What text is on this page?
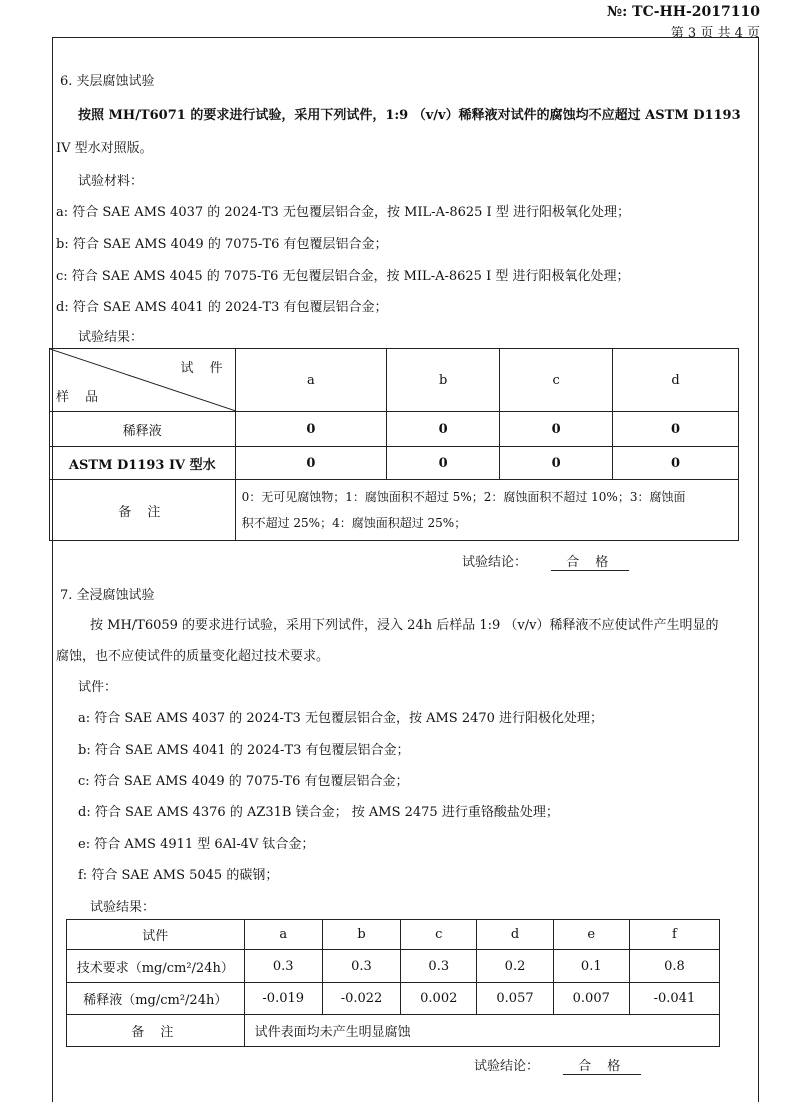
№: TC-HH-2017110
第 3 页 共 4 页
6. 夹层腐蚀试验
按照 MH/T6071 的要求进行试验，采用下列试件，1:9 （v/v）稀释液对试件的腐蚀均不应超过 ASTM D1193
IV 型水对照版。
试验材料：
a: 符合 SAE AMS 4037 的 2024-T3 无包覆层铝合金，按 MIL-A-8625 I 型 进行阳极氧化处理；
b: 符合 SAE AMS 4049 的 7075-T6 有包覆层铝合金；
c: 符合 SAE AMS 4045 的 7075-T6 无包覆层铝合金，按 MIL-A-8625 I 型 进行阳极氧化处理；
d: 符合 SAE AMS 4041 的 2024-T3 有包覆层铝合金；
试验结果：
试 件
样 品	a	b	c	d
稀释液	0	0	0	0
ASTM D1193 IV 型水	0	0	0	0
备 注	0：无可见腐蚀物；1：腐蚀面积不超过 5%；2：腐蚀面积不超过 10%；3：腐蚀面
积不超过 25%；4：腐蚀面积超过 25%；			
试验结论：	合 格
7. 全浸腐蚀试验
按 MH/T6059 的要求进行试验，采用下列试件，浸入 24h 后样品 1:9 （v/v）稀释液不应使试件产生明显的
腐蚀，也不应使试件的质量变化超过技术要求。
试件：
a: 符合 SAE AMS 4037 的 2024-T3 无包覆层铝合金，按 AMS 2470 进行阳极化处理；
b: 符合 SAE AMS 4041 的 2024-T3 有包覆层铝合金；
c: 符合 SAE AMS 4049 的 7075-T6 有包覆层铝合金；
d: 符合 SAE AMS 4376 的 AZ31B 镁合金； 按 AMS 2475 进行重铬酸盐处理；
e: 符合 AMS 4911 型 6Al-4V 钛合金；
f: 符合 SAE AMS 5045 的碳钢；
试验结果：
试件	a	b	c	d	e	f
技术要求（mg/cm²/24h）	0.3	0.3	0.3	0.2	0.1	0.8
稀释液（mg/cm²/24h）	-0.019	-0.022	0.002	0.057	0.007	-0.041
备 注	试件表面均未产生明显腐蚀					
试验结论：	合 格
